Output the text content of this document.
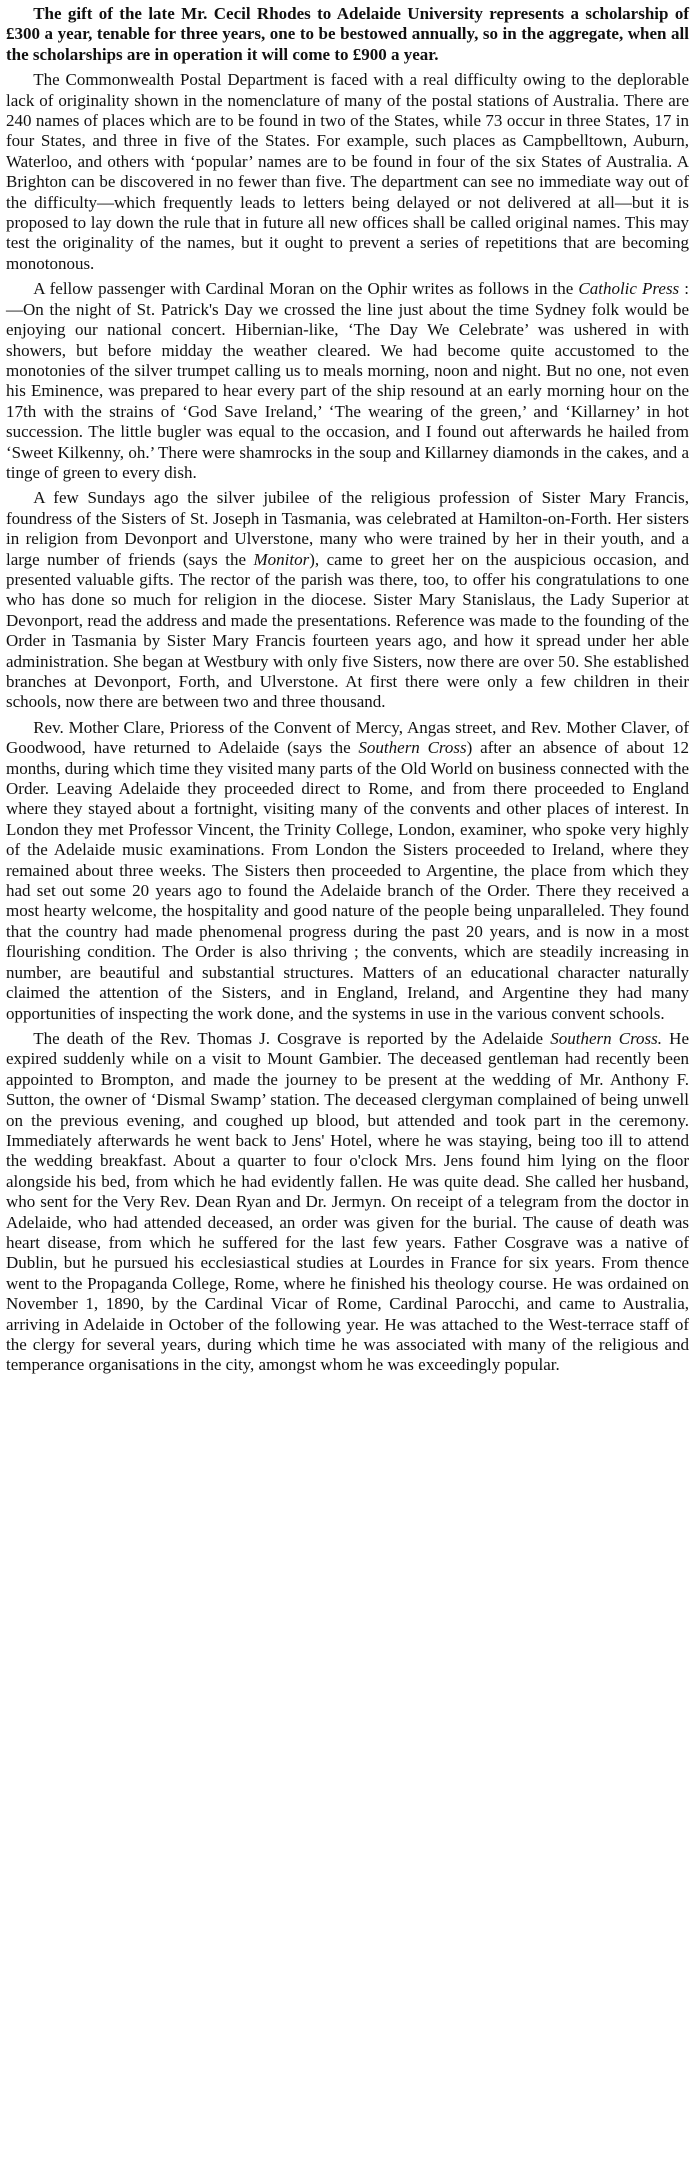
The gift of the late Mr. Cecil Rhodes to Adelaide University represents a scholarship of £300 a year, tenable for three years, one to be bestowed annually, so in the aggregate, when all the scholarships are in operation it will come to £900 a year.

The Commonwealth Postal Department is faced with a real difficulty owing to the deplorable lack of originality shown in the nomenclature of many of the postal stations of Australia. There are 240 names of places which are to be found in two of the States, while 73 occur in three States, 17 in four States, and three in five of the States. For example, such places as Campbelltown, Auburn, Waterloo, and others with ‘popular’ names are to be found in four of the six States of Australia. A Brighton can be discovered in no fewer than five. The department can see no immediate way out of the difficulty—which frequently leads to letters being delayed or not delivered at all—but it is proposed to lay down the rule that in future all new offices shall be called original names. This may test the originality of the names, but it ought to prevent a series of repetitions that are becoming monotonous.

A fellow passenger with Cardinal Moran on the Ophir writes as follows in the Catholic Press :—On the night of St. Patrick's Day we crossed the line just about the time Sydney folk would be enjoying our national concert. Hibernian-like, ‘The Day We Celebrate’ was ushered in with showers, but before midday the weather cleared. We had become quite accustomed to the monotonies of the silver trumpet calling us to meals morning, noon and night. But no one, not even his Eminence, was prepared to hear every part of the ship resound at an early morning hour on the 17th with the strains of ‘God Save Ireland,’ ‘The wearing of the green,’ and ‘Killarney’ in hot succession. The little bugler was equal to the occasion, and I found out afterwards he hailed from ‘Sweet Kilkenny, oh.’ There were shamrocks in the soup and Killarney diamonds in the cakes, and a tinge of green to every dish.

A few Sundays ago the silver jubilee of the religious profession of Sister Mary Francis, foundress of the Sisters of St. Joseph in Tasmania, was celebrated at Hamilton-on-Forth. Her sisters in religion from Devonport and Ulverstone, many who were trained by her in their youth, and a large number of friends (says the Monitor), came to greet her on the auspicious occasion, and presented valuable gifts. The rector of the parish was there, too, to offer his congratulations to one who has done so much for religion in the diocese. Sister Mary Stanislaus, the Lady Superior at Devonport, read the address and made the presentations. Reference was made to the founding of the Order in Tasmania by Sister Mary Francis fourteen years ago, and how it spread under her able administration. She began at Westbury with only five Sisters, now there are over 50. She established branches at Devonport, Forth, and Ulverstone. At first there were only a few children in their schools, now there are between two and three thousand.

Rev. Mother Clare, Prioress of the Convent of Mercy, Angas street, and Rev. Mother Claver, of Goodwood, have returned to Adelaide (says the Southern Cross) after an absence of about 12 months, during which time they visited many parts of the Old World on business connected with the Order. Leaving Adelaide they proceeded direct to Rome, and from there proceeded to England where they stayed about a fortnight, visiting many of the convents and other places of interest. In London they met Professor Vincent, the Trinity College, London, examiner, who spoke very highly of the Adelaide music examinations. From London the Sisters proceeded to Ireland, where they remained about three weeks. The Sisters then proceeded to Argentine, the place from which they had set out some 20 years ago to found the Adelaide branch of the Order. There they received a most hearty welcome, the hospitality and good nature of the people being unparalleled. They found that the country had made phenomenal progress during the past 20 years, and is now in a most flourishing condition. The Order is also thriving ; the convents, which are steadily increasing in number, are beautiful and substantial structures. Matters of an educational character naturally claimed the attention of the Sisters, and in England, Ireland, and Argentine they had many opportunities of inspecting the work done, and the systems in use in the various convent schools.

The death of the Rev. Thomas J. Cosgrave is reported by the Adelaide Southern Cross. He expired suddenly while on a visit to Mount Gambier. The deceased gentleman had recently been appointed to Brompton, and made the journey to be present at the wedding of Mr. Anthony F. Sutton, the owner of ‘Dismal Swamp’ station. The deceased clergyman complained of being unwell on the previous evening, and coughed up blood, but attended and took part in the ceremony. Immediately afterwards he went back to Jens' Hotel, where he was staying, being too ill to attend the wedding breakfast. About a quarter to four o'clock Mrs. Jens found him lying on the floor alongside his bed, from which he had evidently fallen. He was quite dead. She called her husband, who sent for the Very Rev. Dean Ryan and Dr. Jermyn. On receipt of a telegram from the doctor in Adelaide, who had attended deceased, an order was given for the burial. The cause of death was heart disease, from which he suffered for the last few years. Father Cosgrave was a native of Dublin, but he pursued his ecclesiastical studies at Lourdes in France for six years. From thence went to the Propaganda College, Rome, where he finished his theology course. He was ordained on November 1, 1890, by the Cardinal Vicar of Rome, Cardinal Parocchi, and came to Australia, arriving in Adelaide in October of the following year. He was attached to the West-terrace staff of the clergy for several years, during which time he was associated with many of the religious and temperance organisations in the city, amongst whom he was exceedingly popular.
